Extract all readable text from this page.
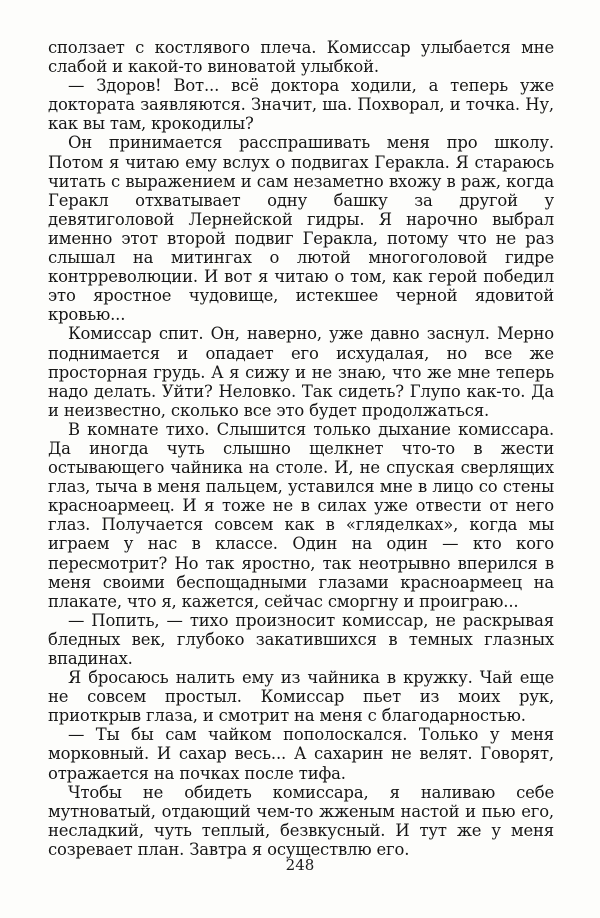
сползает с костлявого плеча. Комиссар улыбается мне слабой и какой-то виноватой улыбкой.

— Здоров! Вот... всё доктора ходили, а теперь уже доктората заявляются. Значит, ша. Похворал, и точка. Ну, как вы там, крокодилы?

Он принимается расспрашивать меня про школу. Потом я читаю ему вслух о подвигах Геракла. Я стараюсь читать с выражением и сам незаметно вхожу в раж, когда Геракл отхватывает одну башку за другой у девятиголовой Лернейской гидры. Я нарочно выбрал именно этот второй подвиг Геракла, потому что не раз слышал на митингах о лютой многоголовой гидре контрреволюции. И вот я читаю о том, как герой победил это яростное чудовище, истекшее черной ядовитой кровью...

Комиссар спит. Он, наверно, уже давно заснул. Мерно поднимается и опадает его исхудалая, но все же просторная грудь. А я сижу и не знаю, что же мне теперь надо делать. Уйти? Неловко. Так сидеть? Глупо как-то. Да и неизвестно, сколько все это будет продолжаться.

В комнате тихо. Слышится только дыхание комиссара. Да иногда чуть слышно щелкнет что-то в жести остывающего чайника на столе. И, не спуская сверлящих глаз, тыча в меня пальцем, уставился мне в лицо со стены красноармеец. И я тоже не в силах уже отвести от него глаз. Получается совсем как в «гляделках», когда мы играем у нас в классе. Один на один — кто кого пересмотрит? Но так яростно, так неотрывно вперился в меня своими беспощадными глазами красноармеец на плакате, что я, кажется, сейчас сморгну и проиграю...

— Попить, — тихо произносит комиссар, не раскрывая бледных век, глубоко закатившихся в темных глазных впадинах.

Я бросаюсь налить ему из чайника в кружку. Чай еще не совсем простыл. Комиссар пьет из моих рук, приоткрыв глаза, и смотрит на меня с благодарностью.

— Ты бы сам чайком пополоскался. Только у меня морковный. И сахар весь... А сахарин не велят. Говорят, отражается на почках после тифа.

Чтобы не обидеть комиссара, я наливаю себе мутноватый, отдающий чем-то жженым настой и пью его, несладкий, чуть теплый, безвкусный. И тут же у меня созревает план. Завтра я осуществлю его.

248
